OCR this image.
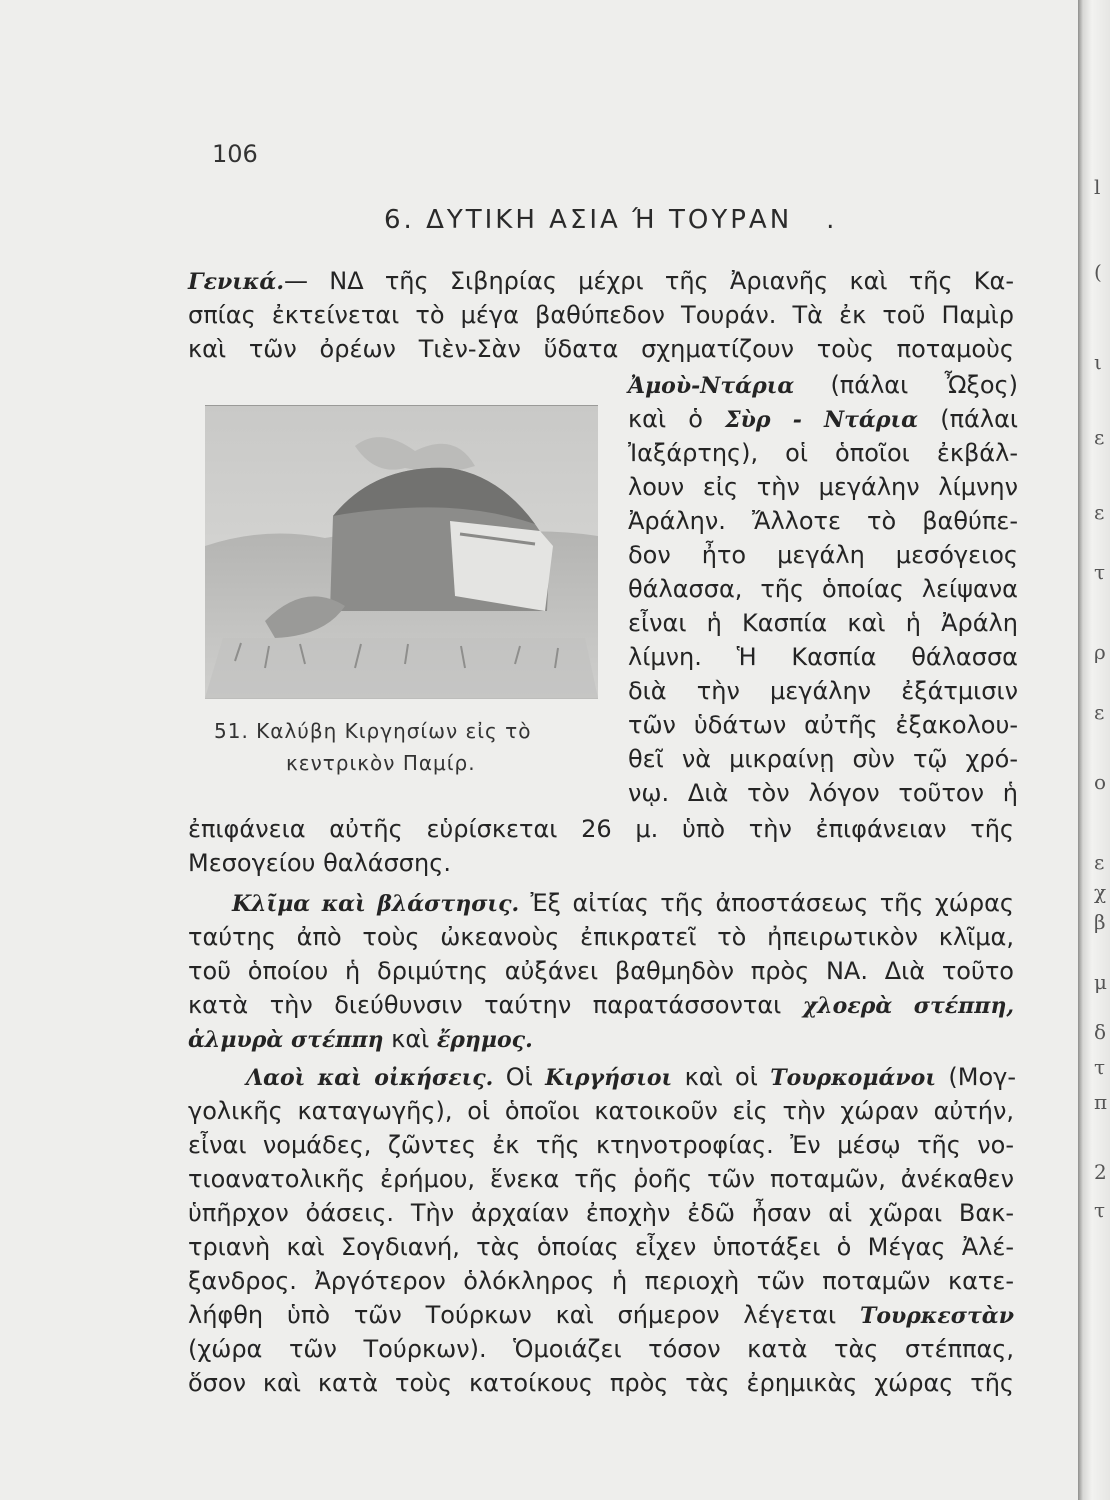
106
6. ΔΥΤΙΚΗ ΑΣΙΑ Ή ΤΟΥΡΑΝ .
Γενικά.— ΝΔ τῆς Σιβηρίας μέχρι τῆς Ἀριανῆς καὶ τῆς Κα-
σπίας ἐκτείνεται τὸ μέγα βαθύπεδον Τουράν. Τὰ ἐκ τοῦ Παμὶρ
καὶ τῶν ὀρέων Τιὲν-Σὰν ὕδατα σχηματίζουν τοὺς ποταμοὺς
Ἀμοὺ-Ντάρια (πάλαι Ὦξος)
καὶ ὁ Σὺρ - Ντάρια (πάλαι
Ἰαξάρτης), οἱ ὁποῖοι ἐκβάλ-
λουν εἰς τὴν μεγάλην λίμνην
Ἀράλην. Ἄλλοτε τὸ βαθύπε-
δον ἦτο μεγάλη μεσόγειος
θάλασσα, τῆς ὁποίας λείψανα
εἶναι ἡ Κασπία καὶ ἡ Ἀράλη
λίμνη. Ἡ Κασπία θάλασσα
διὰ τὴν μεγάλην ἐξάτμισιν
τῶν ὑδάτων αὐτῆς ἐξακολου-
θεῖ νὰ μικραίνῃ σὺν τῷ χρό-
νῳ. Διὰ τὸν λόγον τοῦτον ἡ
ἐπιφάνεια αὐτῆς εὑρίσκεται 26 μ. ὑπὸ τὴν ἐπιφάνειαν τῆς
Μεσογείου θαλάσσης.
Κλῖμα καὶ βλάστησις. Ἐξ αἰτίας τῆς ἀποστάσεως τῆς χώρας
ταύτης ἀπὸ τοὺς ὠκεανοὺς ἐπικρατεῖ τὸ ἠπειρωτικὸν κλῖμα,
τοῦ ὁποίου ἡ δριμύτης αὐξάνει βαθμηδὸν πρὸς ΝΑ. Διὰ τοῦτο
κατὰ τὴν διεύθυνσιν ταύτην παρατάσσονται χλοερὰ στέππη,
ἁλμυρὰ στέππη καὶ ἔρημος.
Λαοὶ καὶ οἰκήσεις. Οἱ Κιργήσιοι καὶ οἱ Τουρκομάνοι (Μογ-
γολικῆς καταγωγῆς), οἱ ὁποῖοι κατοικοῦν εἰς τὴν χώραν αὐτήν,
εἶναι νομάδες, ζῶντες ἐκ τῆς κτηνοτροφίας. Ἐν μέσῳ τῆς νο-
τιοανατολικῆς ἐρήμου, ἕνεκα τῆς ῥοῆς τῶν ποταμῶν, ἀνέκαθεν
ὑπῆρχον ὀάσεις. Τὴν ἀρχαίαν ἐποχὴν ἐδῶ ἦσαν αἱ χῶραι Βακ-
τριανὴ καὶ Σογδιανή, τὰς ὁποίας εἶχεν ὑποτάξει ὁ Μέγας Ἀλέ-
ξανδρος. Ἀργότερον ὁλόκληρος ἡ περιοχὴ τῶν ποταμῶν κατε-
λήφθη ὑπὸ τῶν Τούρκων καὶ σήμερον λέγεται Τουρκεστὰν
(χώρα τῶν Τούρκων). Ὁμοιάζει τόσον κατὰ τὰς στέππας,
ὅσον καὶ κατὰ τοὺς κατοίκους πρὸς τὰς ἐρημικὰς χώρας τῆς
51. Καλύβη Κιργησίων εἰς τὸ
κεντρικὸν Παμίρ.
l
(
ι
ε
ε
τ
ρ
ε
ο
ε
χ
β
μ
δ
τ
π
2
τ
